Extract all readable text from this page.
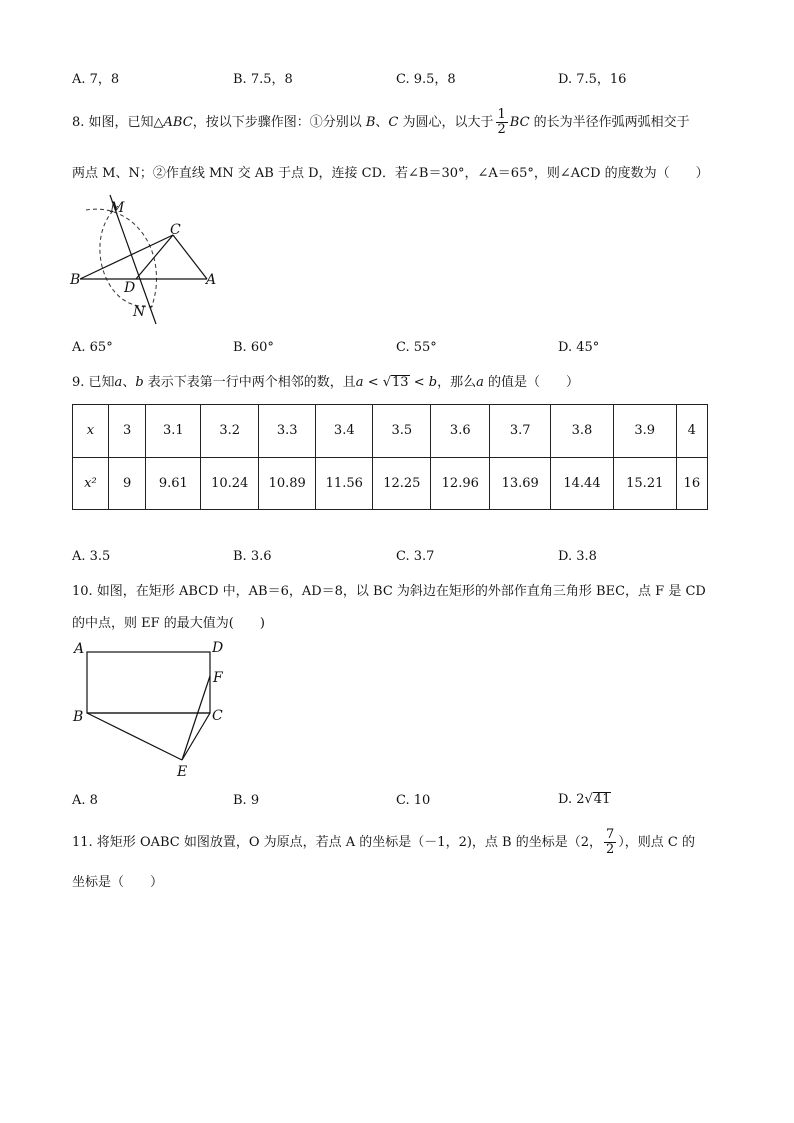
A. 7，8	B. 7.5，8	C. 9.5，8	D. 7.5，16
8. 如图，已知△ABC，按以下步骤作图：①分别以 B、C 为圆心，以大于 $\frac{1}{2}$ BC 的长为半径作弧两弧相交于
两点 M、N；②作直线 MN 交 AB 于点 D，连接 CD．若∠B＝30°，∠A＝65°，则∠ACD 的度数为（　　）
M
C
B	D	A
N
A. 65°	B. 60°	C. 55°	D. 45°
9. 已知a、b 表示下表第一行中两个相邻的数，且a < √13 < b，那么a 的值是（　　）
x	3	3.1	3.2	3.3	3.4	3.5	3.6	3.7	3.8	3.9	4
x²	9	9.61	10.24	10.89	11.56	12.25	12.96	13.69	14.44	15.21	16
A. 3.5	B. 3.6	C. 3.7	D. 3.8
10. 如图，在矩形 ABCD 中，AB＝6，AD＝8，以 BC 为斜边在矩形的外部作直角三角形 BEC，点 F 是 CD
的中点，则 EF 的最大值为(　　)
A	D
F
B	C
E
A. 8	B. 9	C. 10	D. 2√41
11. 将矩形 OABC 如图放置，O 为原点，若点 A 的坐标是（－1，2)，点 B 的坐标是（2， $\frac{7}{2}$ ），则点 C 的
坐标是（　　）
